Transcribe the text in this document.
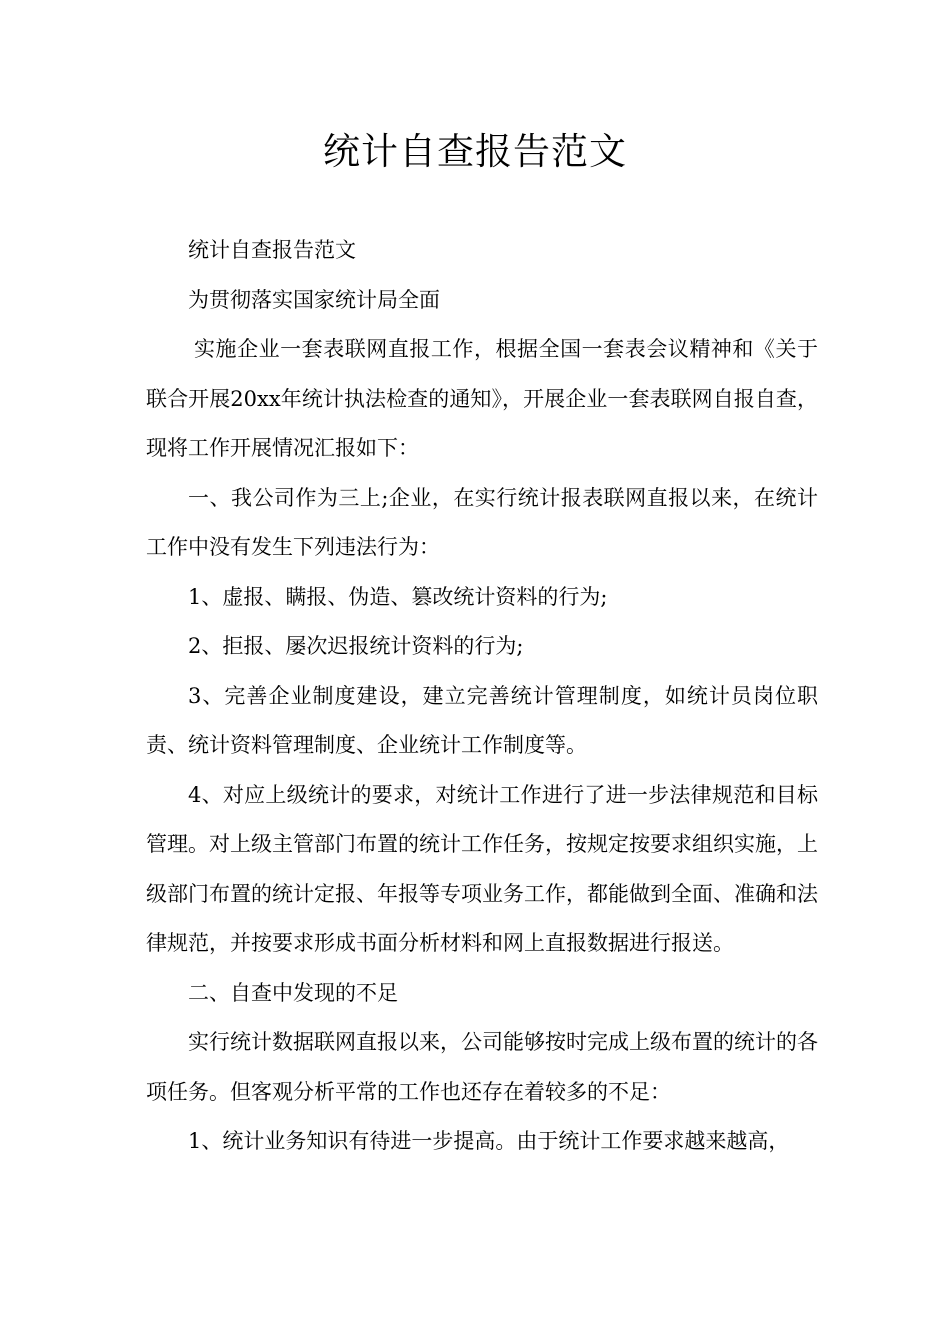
统计自查报告范文

统计自查报告范文

为贯彻落实国家统计局全面

实施企业一套表联网直报工作，根据全国一套表会议精神和《关于联合开展20xx年统计执法检查的通知》，开展企业一套表联网自报自查，现将工作开展情况汇报如下：

一、我公司作为三上;企业，在实行统计报表联网直报以来，在统计工作中没有发生下列违法行为：

1、虚报、瞒报、伪造、篡改统计资料的行为;

2、拒报、屡次迟报统计资料的行为;

3、完善企业制度建设，建立完善统计管理制度，如统计员岗位职责、统计资料管理制度、企业统计工作制度等。

4、对应上级统计的要求，对统计工作进行了进一步法律规范和目标管理。对上级主管部门布置的统计工作任务，按规定按要求组织实施，上级部门布置的统计定报、年报等专项业务工作，都能做到全面、准确和法律规范，并按要求形成书面分析材料和网上直报数据进行报送。

二、自查中发现的不足

实行统计数据联网直报以来，公司能够按时完成上级布置的统计的各项任务。但客观分析平常的工作也还存在着较多的不足：

1、统计业务知识有待进一步提高。由于统计工作要求越来越高，
